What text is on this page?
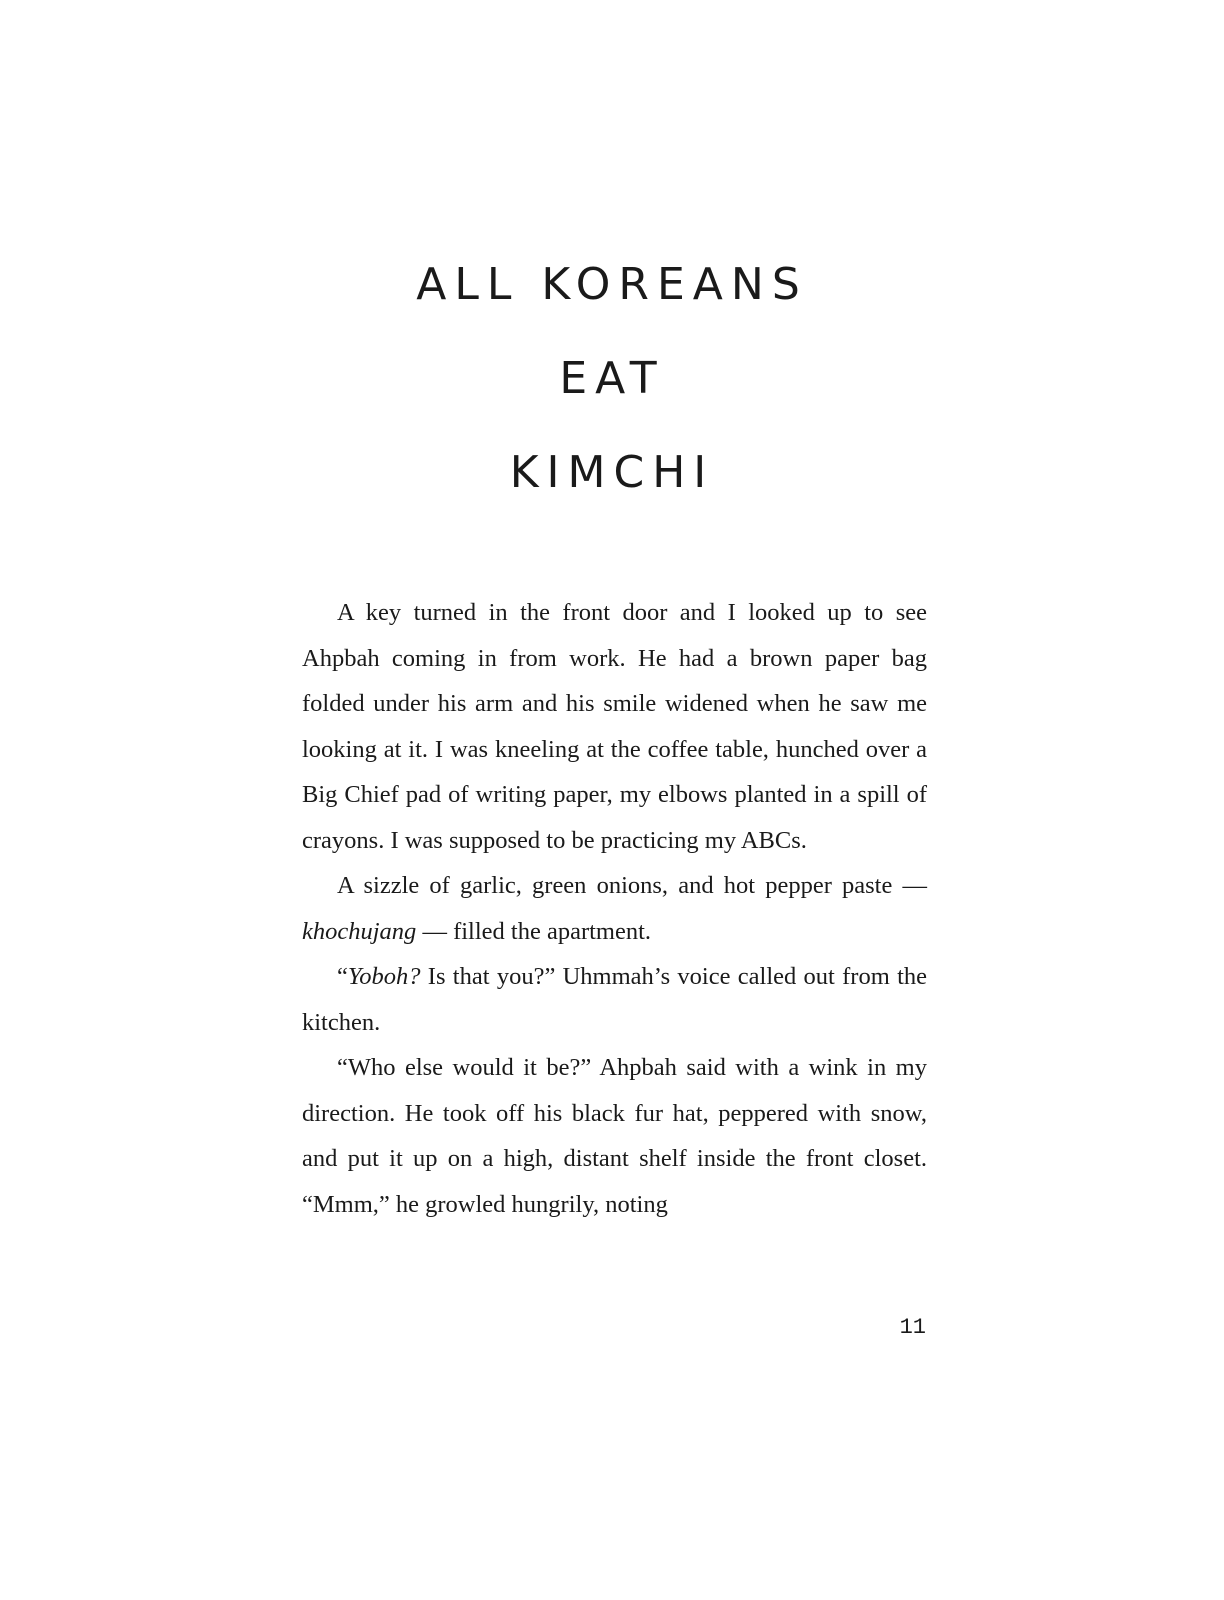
ALL KOREANS
EAT
KIMCHI

A key turned in the front door and I looked up to see Ahpbah coming in from work. He had a brown paper bag folded under his arm and his smile widened when he saw me looking at it. I was kneeling at the coffee table, hunched over a Big Chief pad of writing paper, my elbows planted in a spill of crayons. I was supposed to be practicing my ABCs.

A sizzle of garlic, green onions, and hot pepper paste — khochujang — filled the apartment.

“Yoboh? Is that you?” Uhmmah’s voice called out from the kitchen.

“Who else would it be?” Ahpbah said with a wink in my direction. He took off his black fur hat, peppered with snow, and put it up on a high, distant shelf inside the front closet. “Mmm,” he growled hungrily, noting

11
